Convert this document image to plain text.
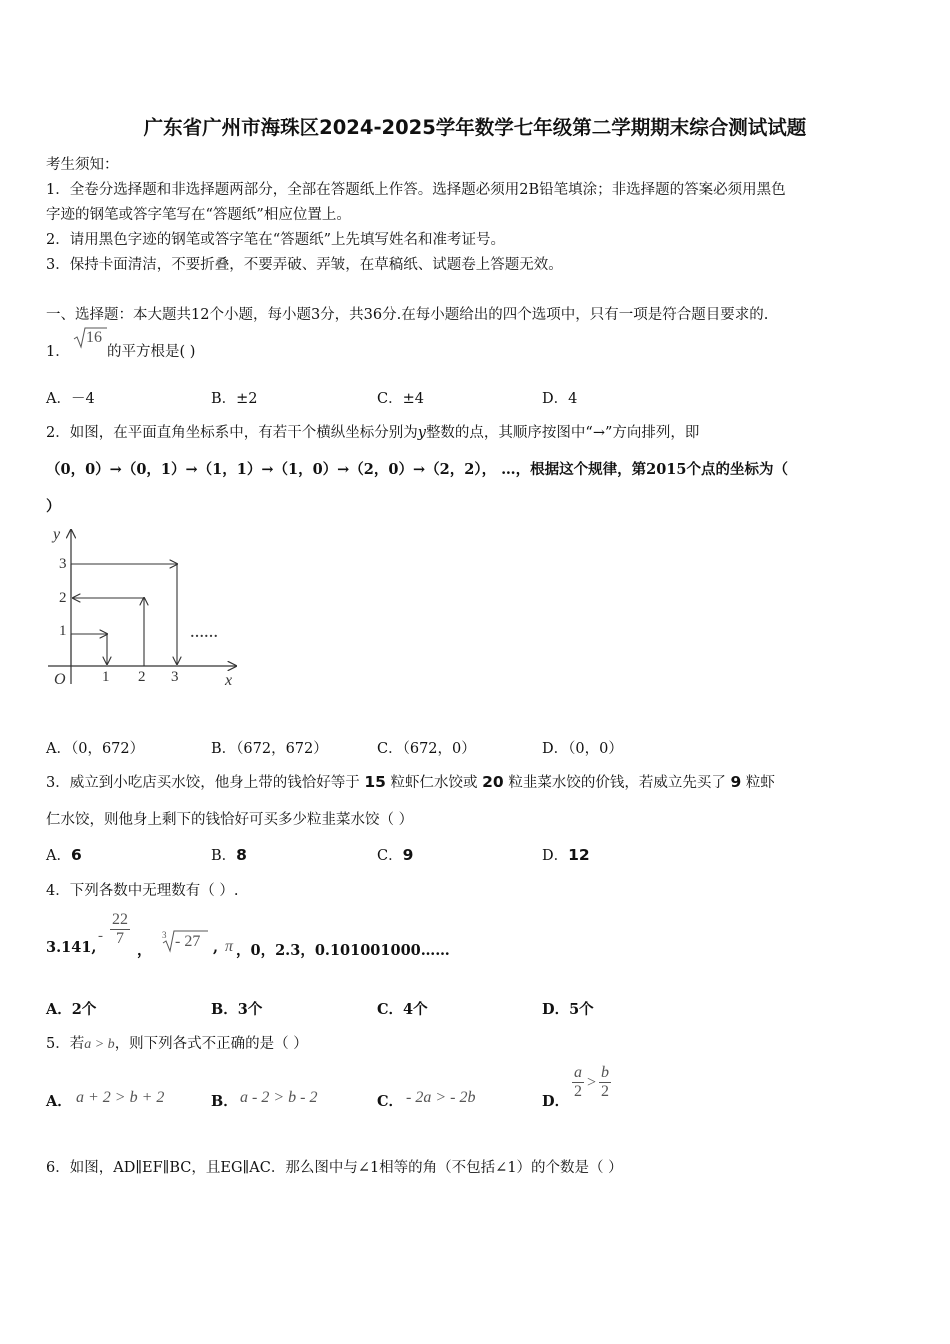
广东省广州市海珠区2024-2025学年数学七年级第二学期期末综合测试试题
考生须知：
1．全卷分选择题和非选择题两部分，全部在答题纸上作答。选择题必须用2B铅笔填涂；非选择题的答案必须用黑色
字迹的钢笔或答字笔写在“答题纸”相应位置上。
2．请用黑色字迹的钢笔或答字笔在“答题纸”上先填写姓名和准考证号。
3．保持卡面清洁，不要折叠，不要弄破、弄皱，在草稿纸、试题卷上答题无效。
一、选择题：本大题共12个小题，每小题3分，共36分.在每小题给出的四个选项中，只有一项是符合题目要求的.
1．
16
的平方根是( )
A．－4	B．±2	C．±4	D．4
2．如图，在平面直角坐标系中，有若干个横纵坐标分别为y整数的点，其顺序按图中“→”方向排列，即
（0，0）→（0，1）→（1，1）→（1，0）→（2，0）→（2，2）， …，根据这个规律，第2015个点的坐标为（
）
y
x
O 1 2 3
1
2
3
……
A．（0，672）	B．（672，672）	C．（672，0）	D．（0，0）
3．威立到小吃店买水饺，他身上带的钱恰好等于 15 粒虾仁水饺或 20 粒韭菜水饺的价钱，若威立先买了 9 粒虾
仁水饺，则他身上剩下的钱恰好可买多少粒韭菜水饺（ ）
A．6	B．8	C．9	D．12
4．下列各数中无理数有（ ）.
3.141,
- $\frac{22}{7}$
，
3 - 27 , π ，0，2.3，0.101001000……
A．2个	B．3个	C．4个	D．5个
5．若a > b，则下列各式不正确的是（ ）
A． a + 2 > b + 2	B． a - 2 > b - 2	C． - 2a > - 2b	D．
$\frac{a}{2} > \frac{b}{2}$
6．如图，AD∥EF∥BC，且EG∥AC．那么图中与∠1相等的角（不包括∠1）的个数是（ ）
